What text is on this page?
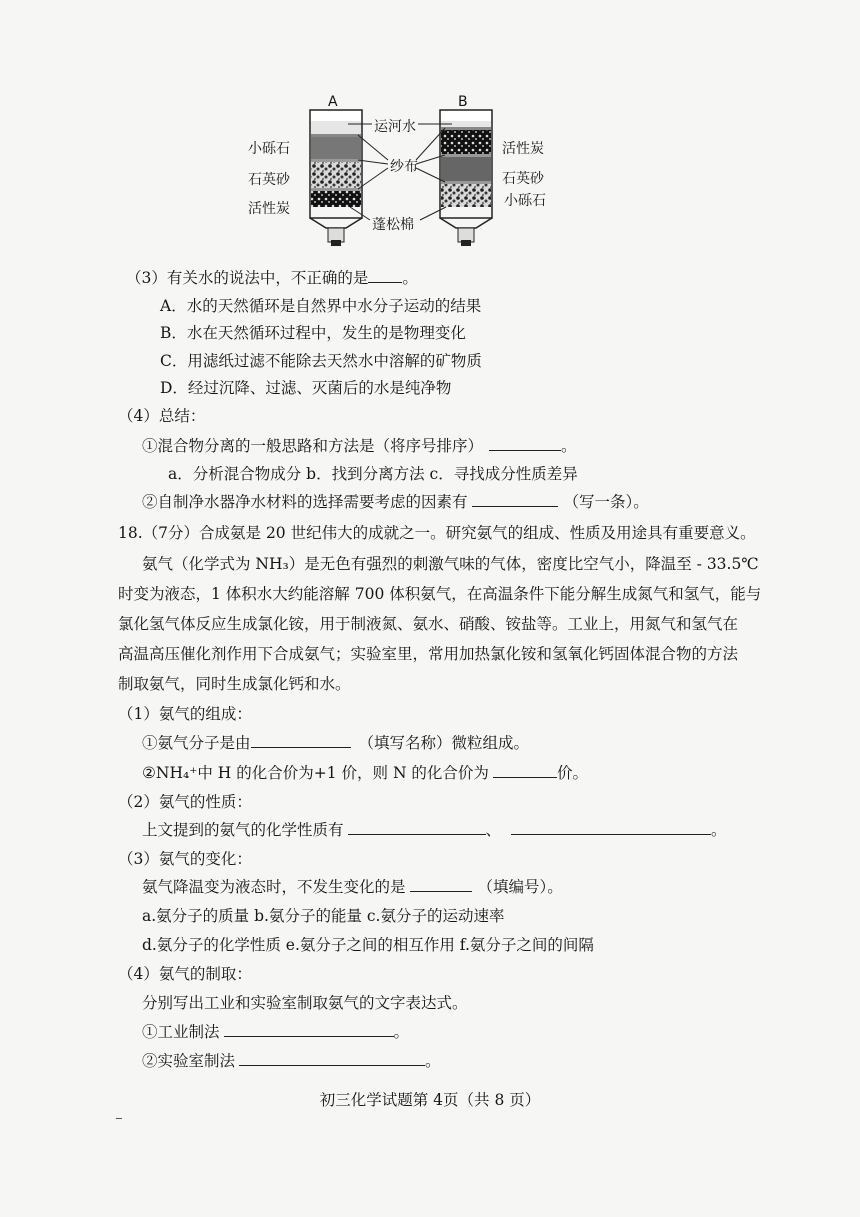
A	B
运河水
纱布
蓬松棉
小砾石
石英砂
活性炭
活性炭
石英砂
小砾石
（3）有关水的说法中，不正确的是 。
A．水的天然循环是自然界中水分子运动的结果
B．水在天然循环过程中，发生的是物理变化
C．用滤纸过滤不能除去天然水中溶解的矿物质
D．经过沉降、过滤、灭菌后的水是纯净物
（4）总结：
①混合物分离的一般思路和方法是（将序号排序）	。
a．分析混合物成分 b．找到分离方法 c．寻找成分性质差异
②自制净水器净水材料的选择需要考虑的因素有	（写一条）。
18.（7分）合成氨是 20 世纪伟大的成就之一。研究氨气的组成、性质及用途具有重要意义。
氨气（化学式为 NH₃）是无色有强烈的刺激气味的气体，密度比空气小，降温至 - 33.5℃
时变为液态，1 体积水大约能溶解 700 体积氨气，在高温条件下能分解生成氮气和氢气，能与
氯化氢气体反应生成氯化铵，用于制液氮、氨水、硝酸、铵盐等。工业上，用氮气和氢气在
高温高压催化剂作用下合成氨气；实验室里，常用加热氯化铵和氢氧化钙固体混合物的方法
制取氨气，同时生成氯化钙和水。
（1）氨气的组成：
①氨气分子是由	（填写名称）微粒组成。
②NH₄⁺中 H 的化合价为+1 价，则 N 的化合价为	价。
（2）氨气的性质：
上文提到的氨气的化学性质有	、	。
（3）氨气的变化：
氨气降温变为液态时，不发生变化的是	（填编号）。
a.氨分子的质量 b.氨分子的能量 c.氨分子的运动速率
d.氨分子的化学性质 e.氨分子之间的相互作用 f.氨分子之间的间隔
（4）氨气的制取：
分别写出工业和实验室制取氨气的文字表达式。
①工业制法	。
②实验室制法	。
初三化学试题第 4页（共 8 页）
